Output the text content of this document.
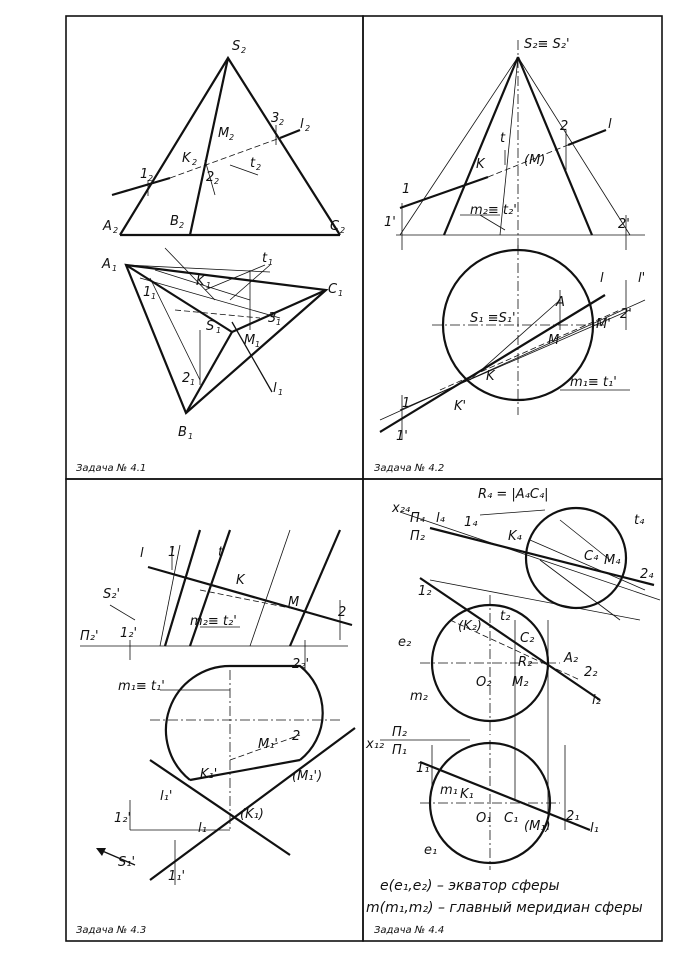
S 2
A 2
B 2	C 2
l 2
M 2
3 2
K 2
1 2	2 2
t 2
A 1
C 1
B 1
S 1
K 1
t 1
1 1
3 1
M 1
2 1	l 1
Задача № 4.1
S₂≡ S₂'
l
2
(M)
t
K
1
1'
m₂≡ t₂'
2'
S₁ ≡S₁'
A
l	l'
2'
M'
M
K
K'
1
1'
m₁≡ t₁'
Задача № 4.2
l 1	t
K
M
2
S₂'
Π₂' 1₂'
m₂≡ t₂'
2₂'
m₁≡ t₁'
M₁'
2
K₁'	(M₁')
l₁'
l₁
(K₁)
1₂'
S₁'
1₁'
Задача № 4.3
R₄ = |A₄C₄|
x₂₄
Π₄
Π₂
l₄ 1₄
K₄
C₄ M₄
t₄
2₄
1₂
(K₂)
t₂
C₂
e₂
R₂ A₂
O₂ M₂
2₂
m₂	l₂
x₁₂
Π₂
Π₁
1₁
m₁ K₁
O₁ C₁
(M₁)
2₁
l₁
e₁
e(e₁,e₂) – экватор сферы
m(m₁,m₂) – главный меридиан сферы
Задача № 4.4
